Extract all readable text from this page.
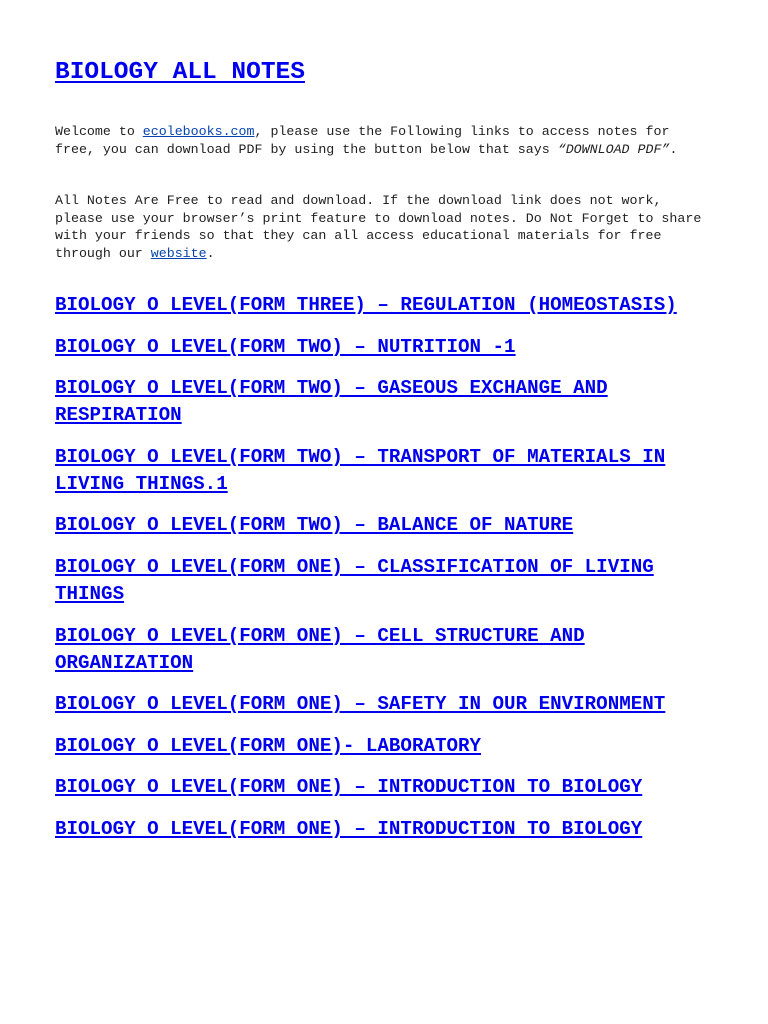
BIOLOGY ALL NOTES

Welcome to ecolebooks.com, please use the Following links to access notes for free, you can download PDF by using the button below that says “DOWNLOAD PDF”.

All Notes Are Free to read and download. If the download link does not work, please use your browser’s print feature to download notes. Do Not Forget to share with your friends so that they can all access educational materials for free through our website.

BIOLOGY O LEVEL(FORM THREE) – REGULATION (HOMEOSTASIS)
BIOLOGY O LEVEL(FORM TWO) – NUTRITION -1
BIOLOGY O LEVEL(FORM TWO) – GASEOUS EXCHANGE AND RESPIRATION
BIOLOGY O LEVEL(FORM TWO) – TRANSPORT OF MATERIALS IN LIVING THINGS.1
BIOLOGY O LEVEL(FORM TWO) – BALANCE OF NATURE
BIOLOGY O LEVEL(FORM ONE) – CLASSIFICATION OF LIVING THINGS
BIOLOGY O LEVEL(FORM ONE) – CELL STRUCTURE AND ORGANIZATION
BIOLOGY O LEVEL(FORM ONE) – SAFETY IN OUR ENVIRONMENT
BIOLOGY O LEVEL(FORM ONE)- LABORATORY
BIOLOGY O LEVEL(FORM ONE) – INTRODUCTION TO BIOLOGY
BIOLOGY O LEVEL(FORM ONE) – INTRODUCTION TO BIOLOGY
